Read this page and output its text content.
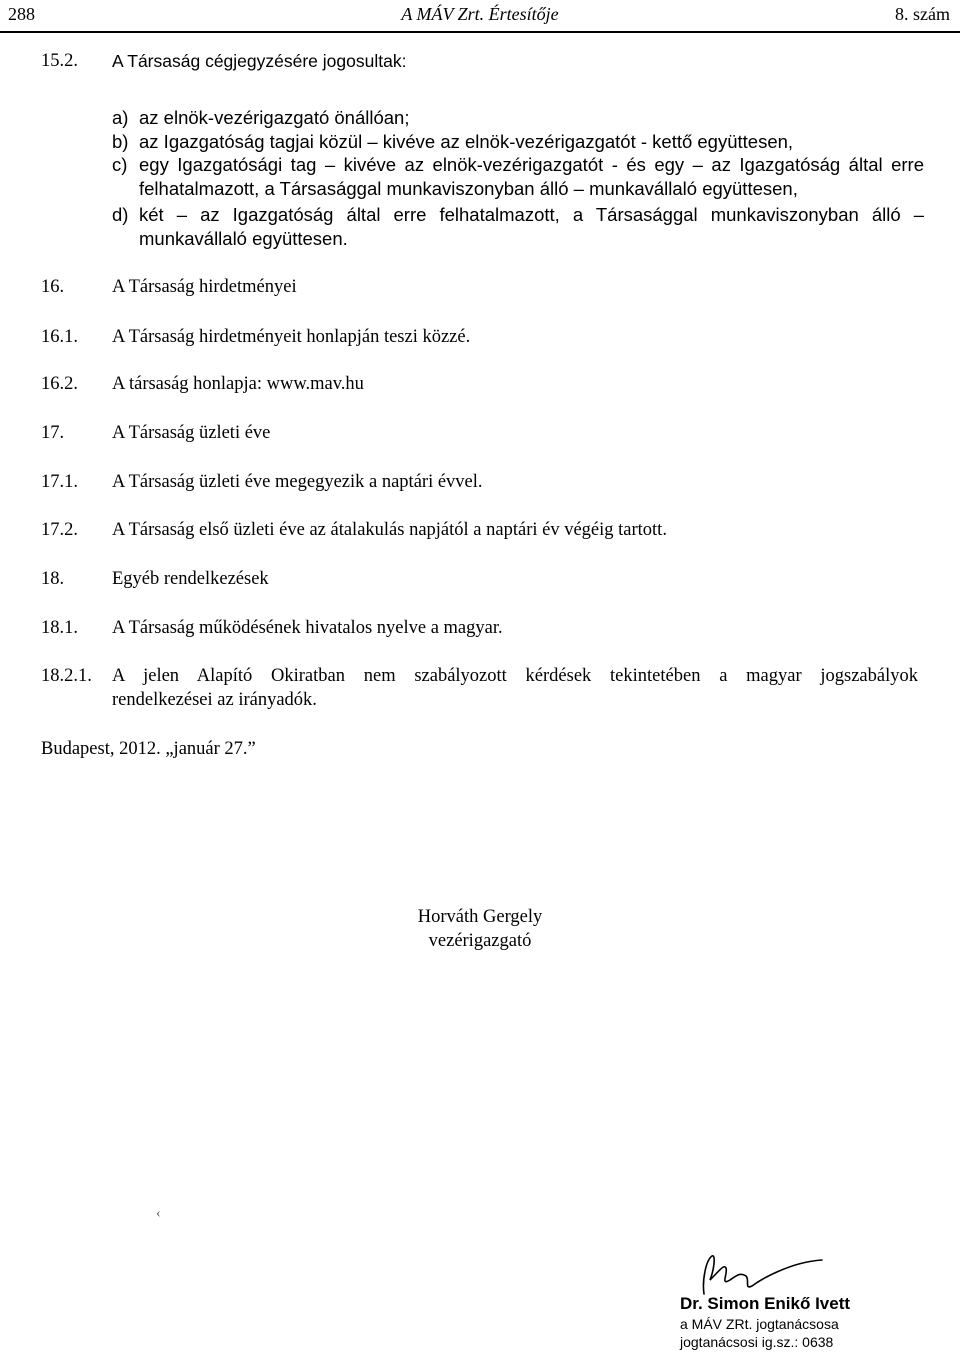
288	A MÁV Zrt. Értesítője	8. szám
15.2. A Társaság cégjegyzésére jogosultak:
a) az elnök-vezérigazgató önállóan;
b) az Igazgatóság tagjai közül – kivéve az elnök-vezérigazgatót - kettő együttesen,
c) egy Igazgatósági tag – kivéve az elnök-vezérigazgatót - és egy – az Igazgatóság által erre
felhatalmazott, a Társasággal munkaviszonyban álló – munkavállaló együttesen,
d) két – az Igazgatóság által erre felhatalmazott, a Társasággal munkaviszonyban álló –
munkavállaló együttesen.
16.	A Társaság hirdetményei
16.1. A Társaság hirdetményeit honlapján teszi közzé.
16.2. A társaság honlapja: www.mav.hu
17.	A Társaság üzleti éve
17.1. A Társaság üzleti éve megegyezik a naptári évvel.
17.2. A Társaság első üzleti éve az átalakulás napjától a naptári év végéig tartott.
18.	Egyéb rendelkezések
18.1. A Társaság működésének hivatalos nyelve a magyar.
18.2.1. A jelen Alapító Okiratban nem szabályozott kérdések tekintetében a magyar jogszabályok
rendelkezései az irányadók.
Budapest, 2012. „január 27.”
Horváth Gergely
vezérigazgató
‹
Dr. Simon Enikő Ivett
a MÁV ZRt. jogtanácsosa
jogtanácsosi ig.sz.: 0638
